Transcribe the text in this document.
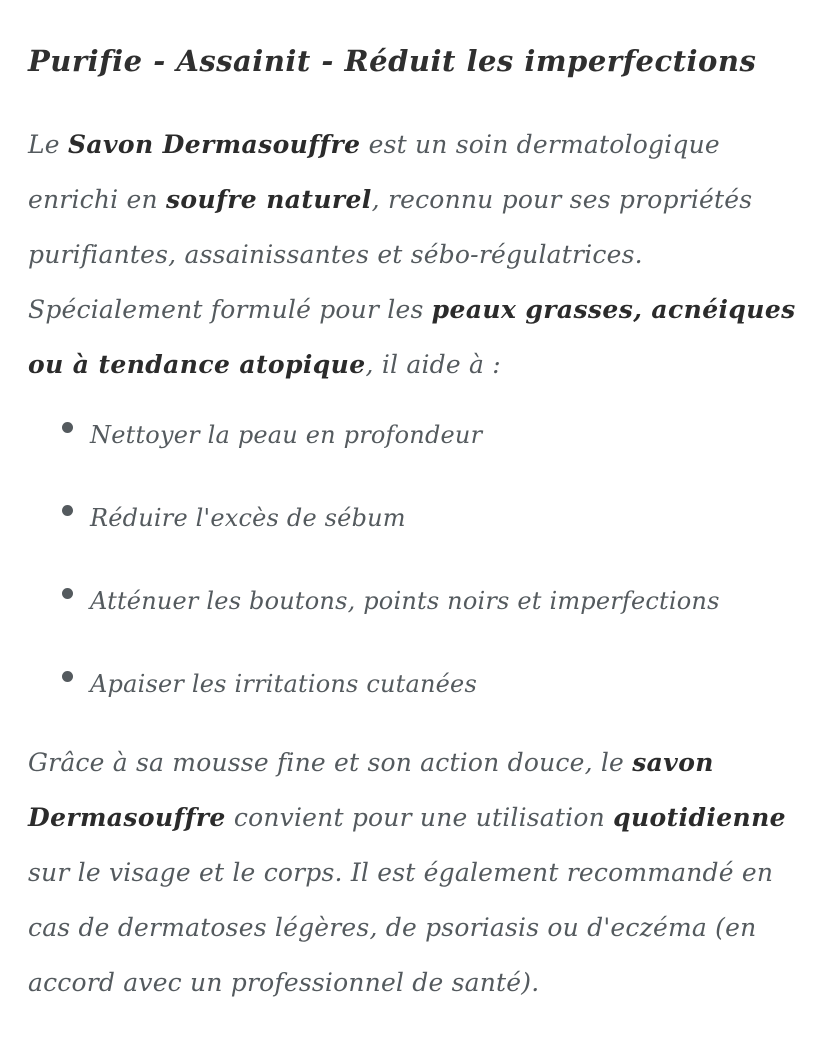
Purifie - Assainit - Réduit les imperfections

Le Savon Dermasouffre est un soin dermatologique enrichi en soufre naturel, reconnu pour ses propriétés purifiantes, assainissantes et sébo-régulatrices. Spécialement formulé pour les peaux grasses, acnéiques ou à tendance atopique, il aide à :

Nettoyer la peau en profondeur
Réduire l'excès de sébum
Atténuer les boutons, points noirs et imperfections
Apaiser les irritations cutanées

Grâce à sa mousse fine et son action douce, le savon Dermasouffre convient pour une utilisation quotidienne sur le visage et le corps. Il est également recommandé en cas de dermatoses légères, de psoriasis ou d'eczéma (en accord avec un professionnel de santé).
